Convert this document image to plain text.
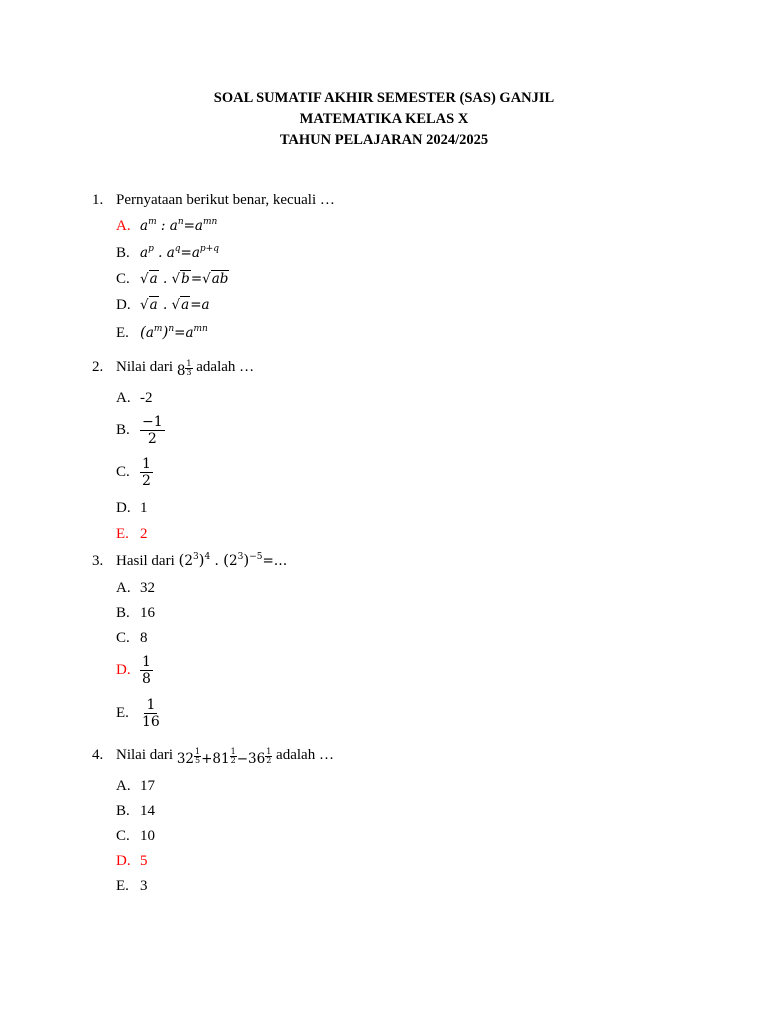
SOAL SUMATIF AKHIR SEMESTER (SAS) GANJIL
MATEMATIKA KELAS X
TAHUN PELAJARAN 2024/2025
1. Pernyataan berikut benar, kecuali …
A. $a^m$ : $a^n=a^{mn}$
B. $a^p$ . $a^q=a^{p+q}$
C. √a . √b=√ab
D. √a . √a=a
E. $(a^m)^n=a^{mn}$
2. Nilai dari $8 \frac{1}{3}$ adalah …
A. -2
B. $\frac{-1}{2}$
C. $\frac{1}{2}$
D. 1
E. 2
3. Hasil dari $(2^3)^4$ . $(2^3)^{-5}=\dots$
A. 32
B. 16
C. 8
D. $\frac{1}{8}$
E. $\frac{1}{16}$
4. Nilai dari $32 \frac{1}{5} +81 \frac{1}{2} -36 \frac{1}{2}$ adalah …
A. 17
B. 14
C. 10
D. 5
E. 3
